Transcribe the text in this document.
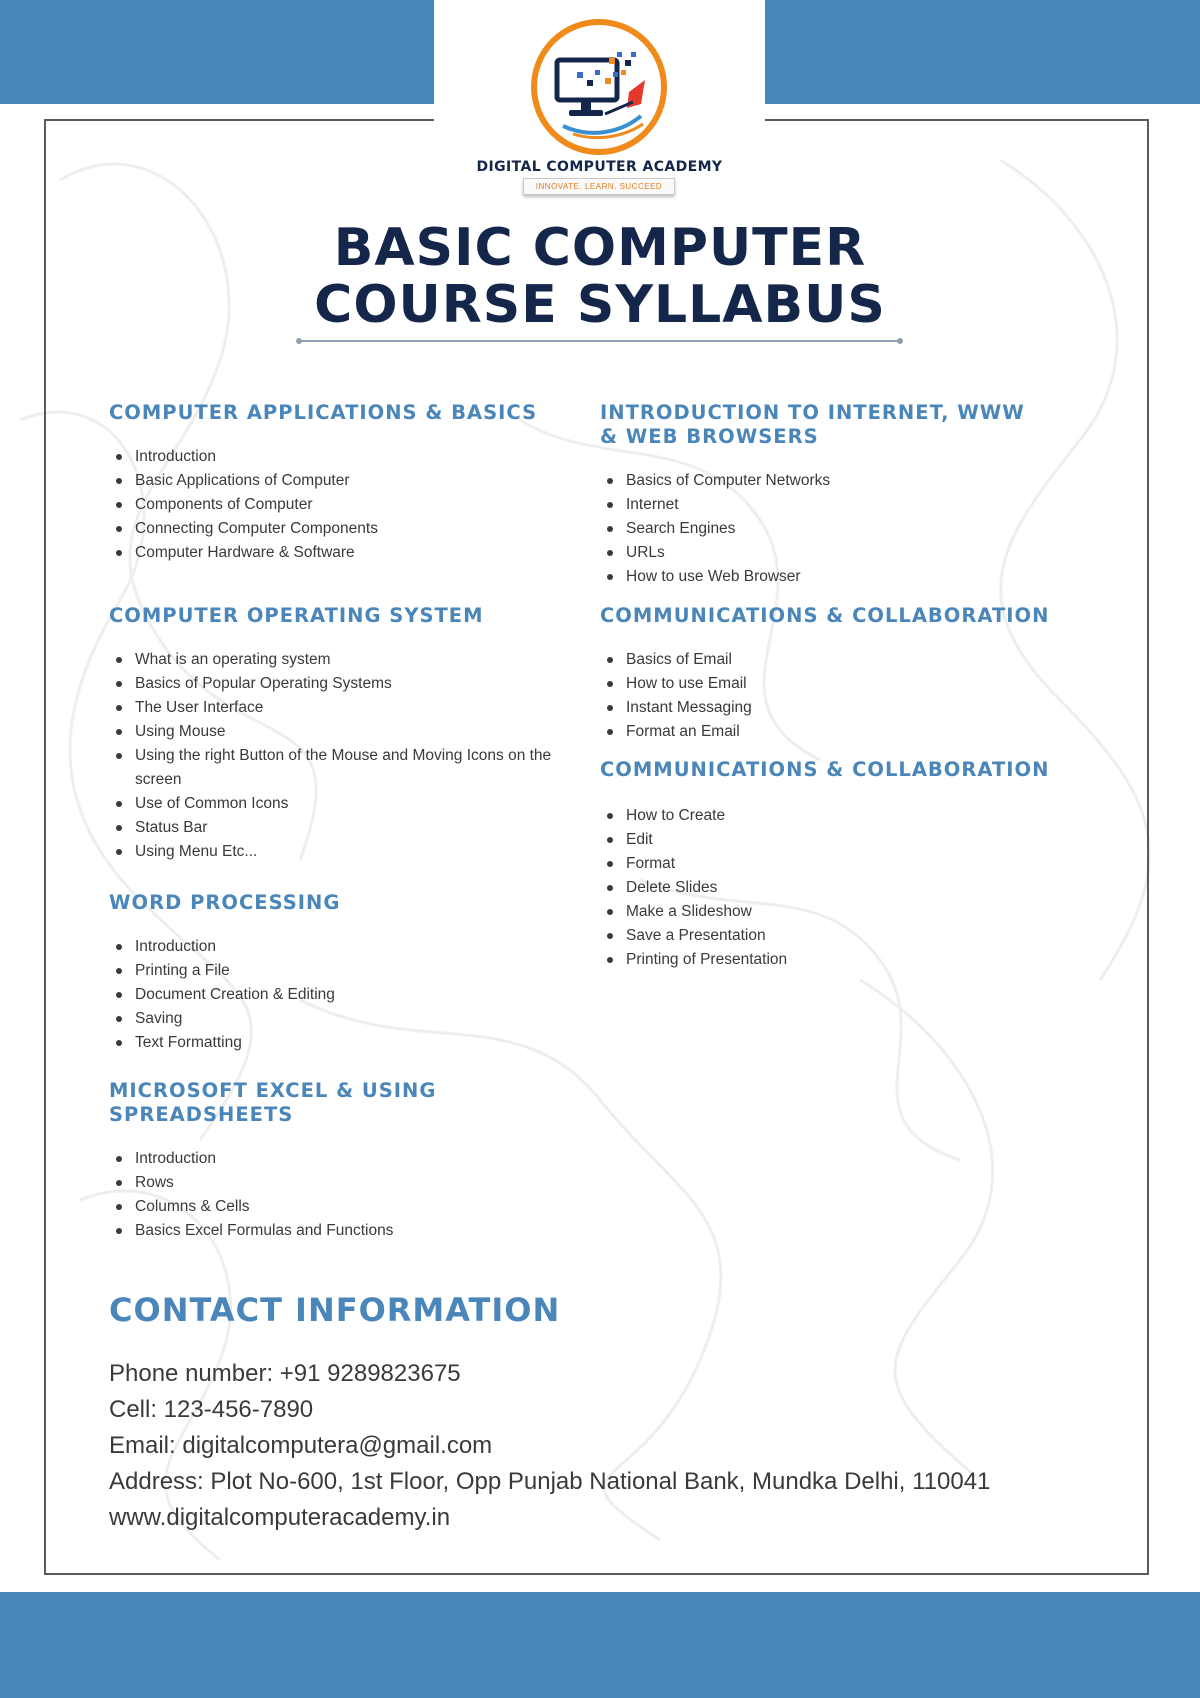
DIGITAL COMPUTER ACADEMY
INNOVATE. LEARN. SUCCEED
BASIC COMPUTER
COURSE SYLLABUS
COMPUTER APPLICATIONS & BASICS
Introduction
Basic Applications of Computer
Components of Computer
Connecting Computer Components
Computer Hardware & Software
COMPUTER OPERATING SYSTEM
What is an operating system
Basics of Popular Operating Systems
The User Interface
Using Mouse
Using the right Button of the Mouse and Moving Icons on the screen
Use of Common Icons
Status Bar
Using Menu Etc...
WORD PROCESSING
Introduction
Printing a File
Document Creation & Editing
Saving
Text Formatting
MICROSOFT EXCEL & USING SPREADSHEETS
Introduction
Rows
Columns & Cells
Basics Excel Formulas and Functions
INTRODUCTION TO INTERNET, WWW & WEB BROWSERS
Basics of Computer Networks
Internet
Search Engines
URLs
How to use Web Browser
COMMUNICATIONS & COLLABORATION
Basics of Email
How to use Email
Instant Messaging
Format an Email
COMMUNICATIONS & COLLABORATION
How to Create
Edit
Format
Delete Slides
Make a Slideshow
Save a Presentation
Printing of Presentation
CONTACT INFORMATION
Phone number: +91 9289823675
Cell: 123-456-7890
Email: digitalcomputera@gmail.com
Address: Plot No-600, 1st Floor, Opp Punjab National Bank, Mundka Delhi, 110041
www.digitalcomputeracademy.in
